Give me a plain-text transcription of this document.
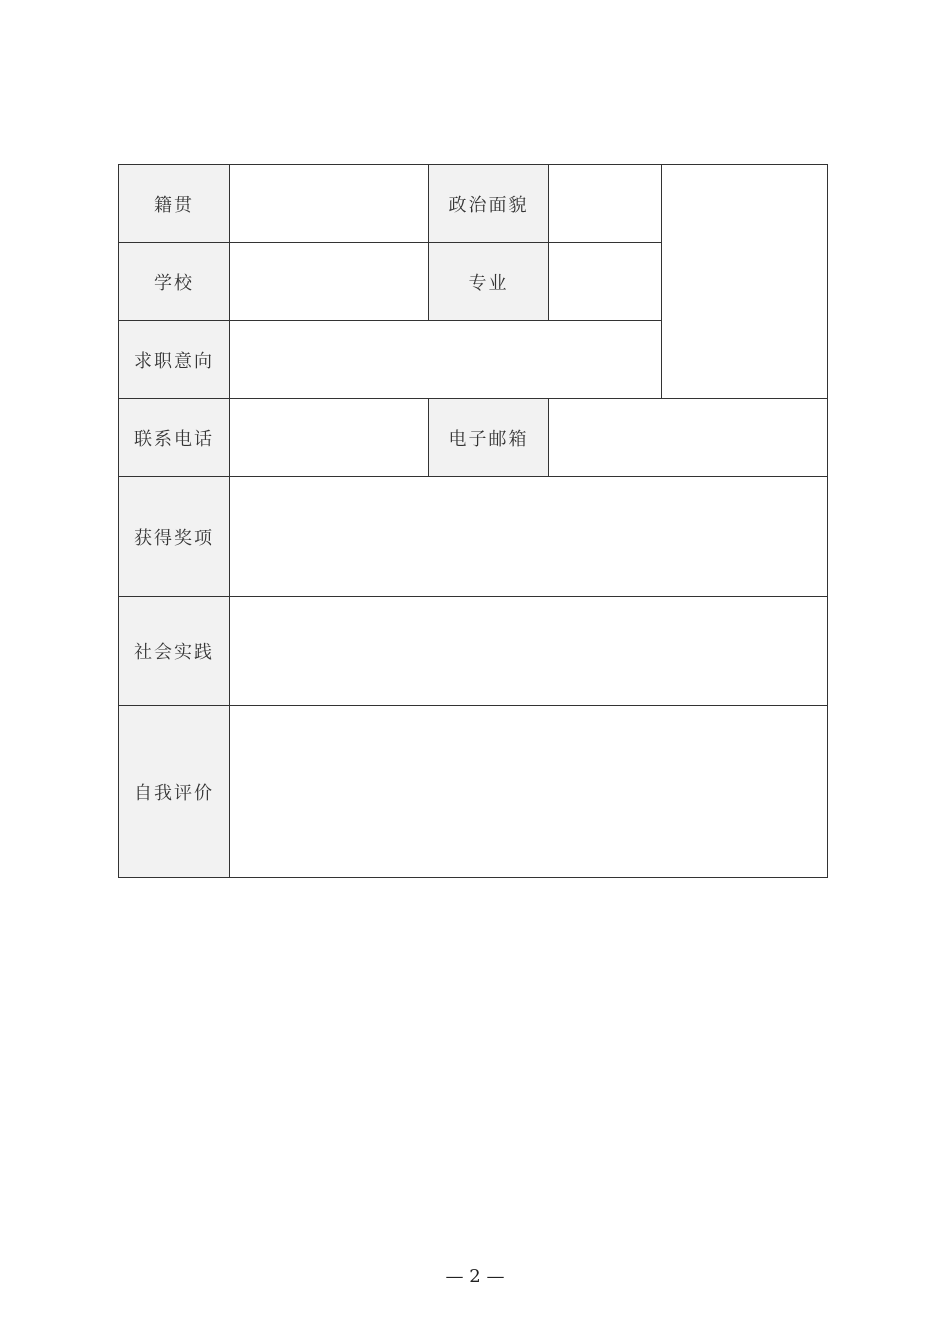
籍贯		政治面貌		
学校		专业		
求职意向				
联系电话		电子邮箱		
获得奖项				
社会实践				
自我评价				
— 2 —
